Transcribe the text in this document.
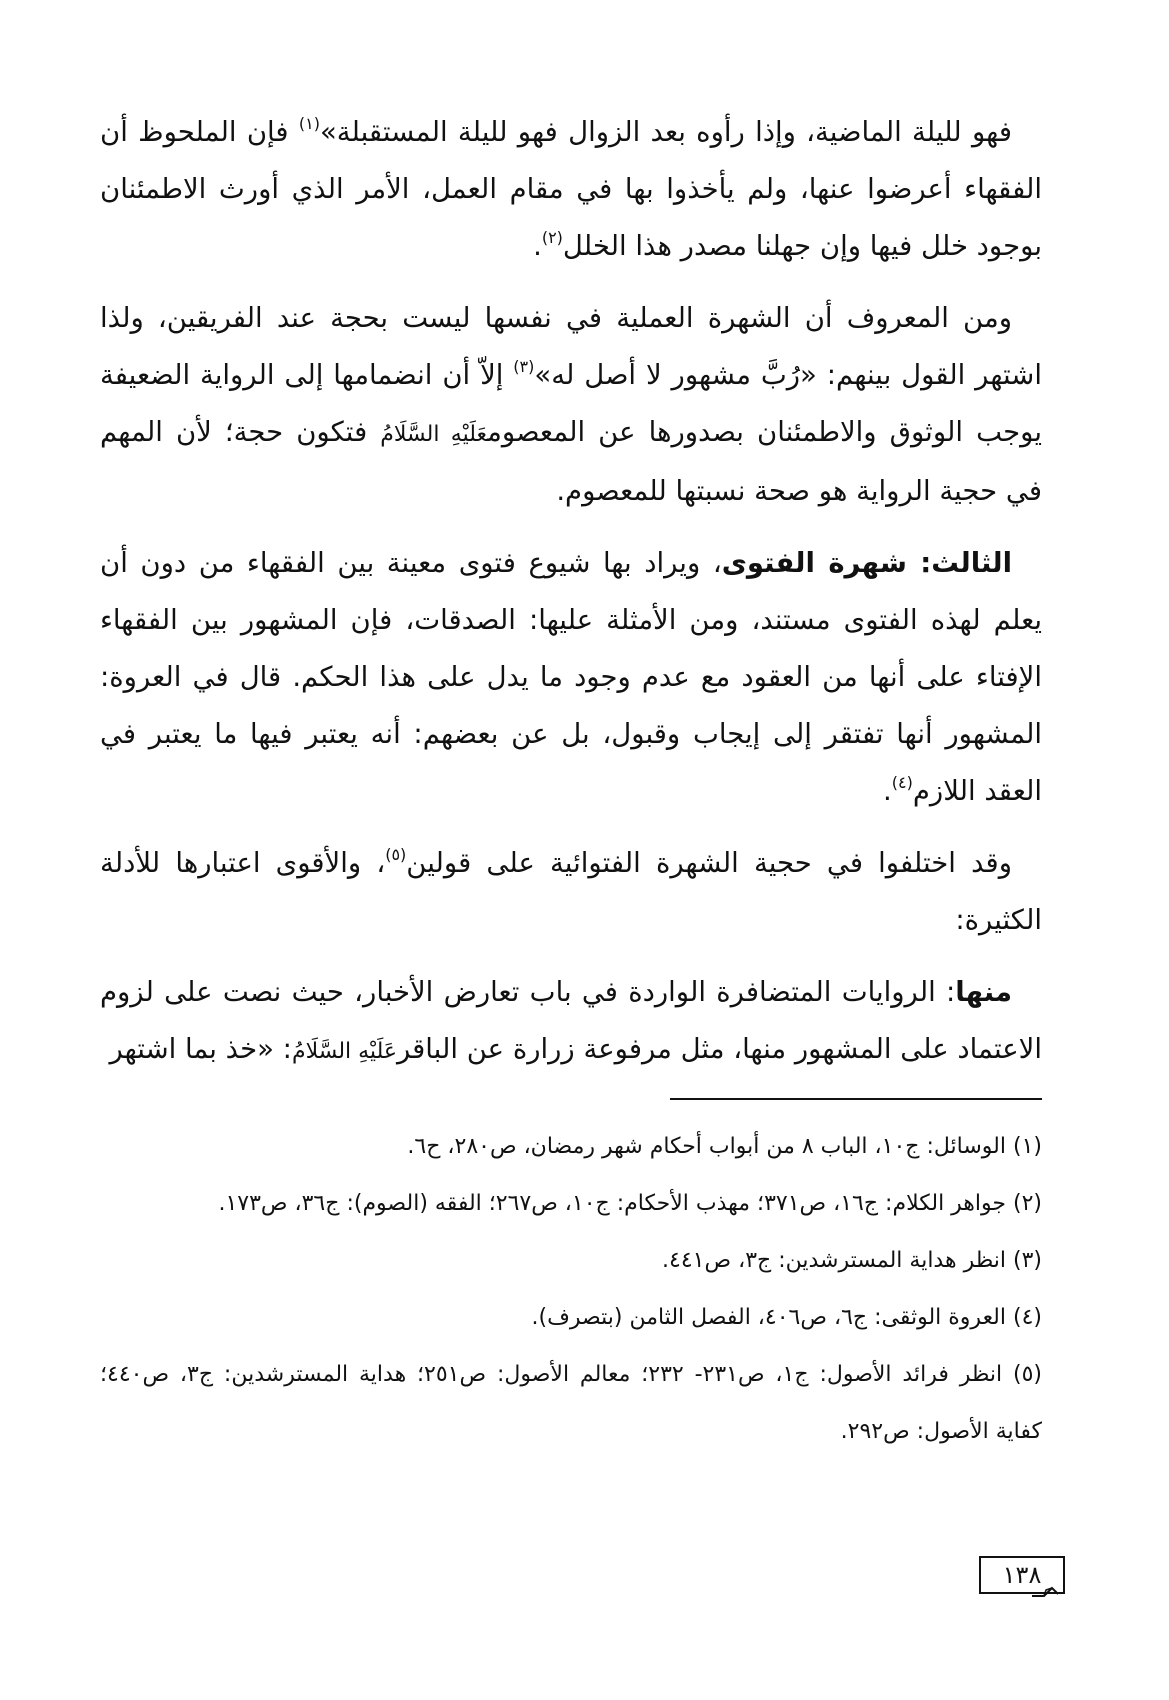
فهو لليلة الماضية، وإذا رأوه بعد الزوال فهو لليلة المستقبلة»$^{(١)}$ فإن الملحوظ أن الفقهاء أعرضوا عنها، ولم يأخذوا بها في مقام العمل، الأمر الذي أورث الاطمئنان بوجود خلل فيها وإن جهلنا مصدر هذا الخلل$^{(٢)}$.

ومن المعروف أن الشهرة العملية في نفسها ليست بحجة عند الفريقين، ولذا اشتهر القول بينهم: «رُبَّ مشهور لا أصل له»$^{(٣)}$ إلاّ أن انضمامها إلى الرواية الضعيفة يوجب الوثوق والاطمئنان بصدورها عن المعصومعَلَيْهِ السَّلَامُ فتكون حجة؛ لأن المهم في حجية الرواية هو صحة نسبتها للمعصوم.

الثالث: شهرة الفتوى، ويراد بها شيوع فتوى معينة بين الفقهاء من دون أن يعلم لهذه الفتوى مستند، ومن الأمثلة عليها: الصدقات، فإن المشهور بين الفقهاء الإفتاء على أنها من العقود مع عدم وجود ما يدل على هذا الحكم. قال في العروة: المشهور أنها تفتقر إلى إيجاب وقبول، بل عن بعضهم: أنه يعتبر فيها ما يعتبر في العقد اللازم$^{(٤)}$.

وقد اختلفوا في حجية الشهرة الفتوائية على قولين$^{(٥)}$، والأقوى اعتبارها للأدلة الكثيرة:

منها: الروايات المتضافرة الواردة في باب تعارض الأخبار، حيث نصت على لزوم الاعتماد على المشهور منها، مثل مرفوعة زرارة عن الباقرعَلَيْهِ السَّلَامُ: «خذ بما اشتهر

(١) الوسائل: ج١٠، الباب ٨ من أبواب أحكام شهر رمضان، ص٢٨٠، ح٦.

(٢) جواهر الكلام: ج١٦، ص٣٧١؛ مهذب الأحكام: ج١٠، ص٢٦٧؛ الفقه (الصوم): ج٣٦، ص١٧٣.

(٣) انظر هداية المسترشدين: ج٣، ص٤٤١.

(٤) العروة الوثقى: ج٦، ص٤٠٦، الفصل الثامن (بتصرف).

(٥) انظر فرائد الأصول: ج١، ص٢٣١- ٢٣٢؛ معالم الأصول: ص٢٥١؛ هداية المسترشدين: ج٣، ص٤٤٠؛ كفاية الأصول: ص٢٩٢.

١٣٨
